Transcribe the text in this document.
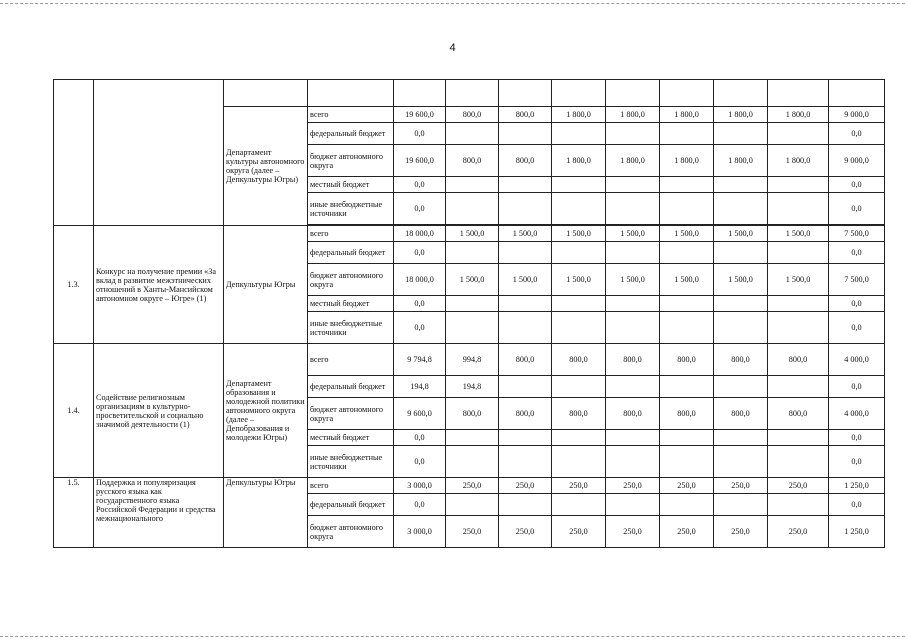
4

		Департамент культуры автономного округа (далее – Депкультуры Югры)	всего	19 600,0	800,0	800,0	1 800,0	1 800,0	1 800,0	1 800,0	1 800,0	9 000,0
			федеральный бюджет	0,0								0,0
			бюджет автономного округа	19 600,0	800,0	800,0	1 800,0	1 800,0	1 800,0	1 800,0	1 800,0	9 000,0
			местный бюджет	0,0								0,0
			иные внебюджетные источники	0,0								0,0

1.3.	Конкурс на получение премии «За вклад в развитие межэтнических отношений в Ханты-Мансийском автономном округе – Югре» (1)	Депкультуры Югры	всего	18 000,0	1 500,0	1 500,0	1 500,0	1 500,0	1 500,0	1 500,0	1 500,0	7 500,0
			федеральный бюджет	0,0								0,0
			бюджет автономного округа	18 000,0	1 500,0	1 500,0	1 500,0	1 500,0	1 500,0	1 500,0	1 500,0	7 500,0
			местный бюджет	0,0								0,0
			иные внебюджетные источники	0,0								0,0
1.4.	Содействие религиозным организациям в культурно-просветительской и социально значимой деятельности (1)	Департамент образования и молодежной политики автономного округа (далее – Депобразования и молодежи Югры)	всего	9 794,8	994,8	800,0	800,0	800,0	800,0	800,0	800,0	4 000,0
			федеральный бюджет	194,8	194,8							0,0
			бюджет автономного округа	9 600,0	800,0	800,0	800,0	800,0	800,0	800,0	800,0	4 000,0
			местный бюджет	0,0								0,0
			иные внебюджетные источники	0,0								0,0
1.5.	Поддержка и популяризация русского языка как государственного языка Российской Федерации и средства межнационального	Депкультуры Югры	всего	3 000,0	250,0	250,0	250,0	250,0	250,0	250,0	250,0	1 250,0
			федеральный бюджет	0,0								0,0
			бюджет автономного округа	3 000,0	250,0	250,0	250,0	250,0	250,0	250,0	250,0	1 250,0
